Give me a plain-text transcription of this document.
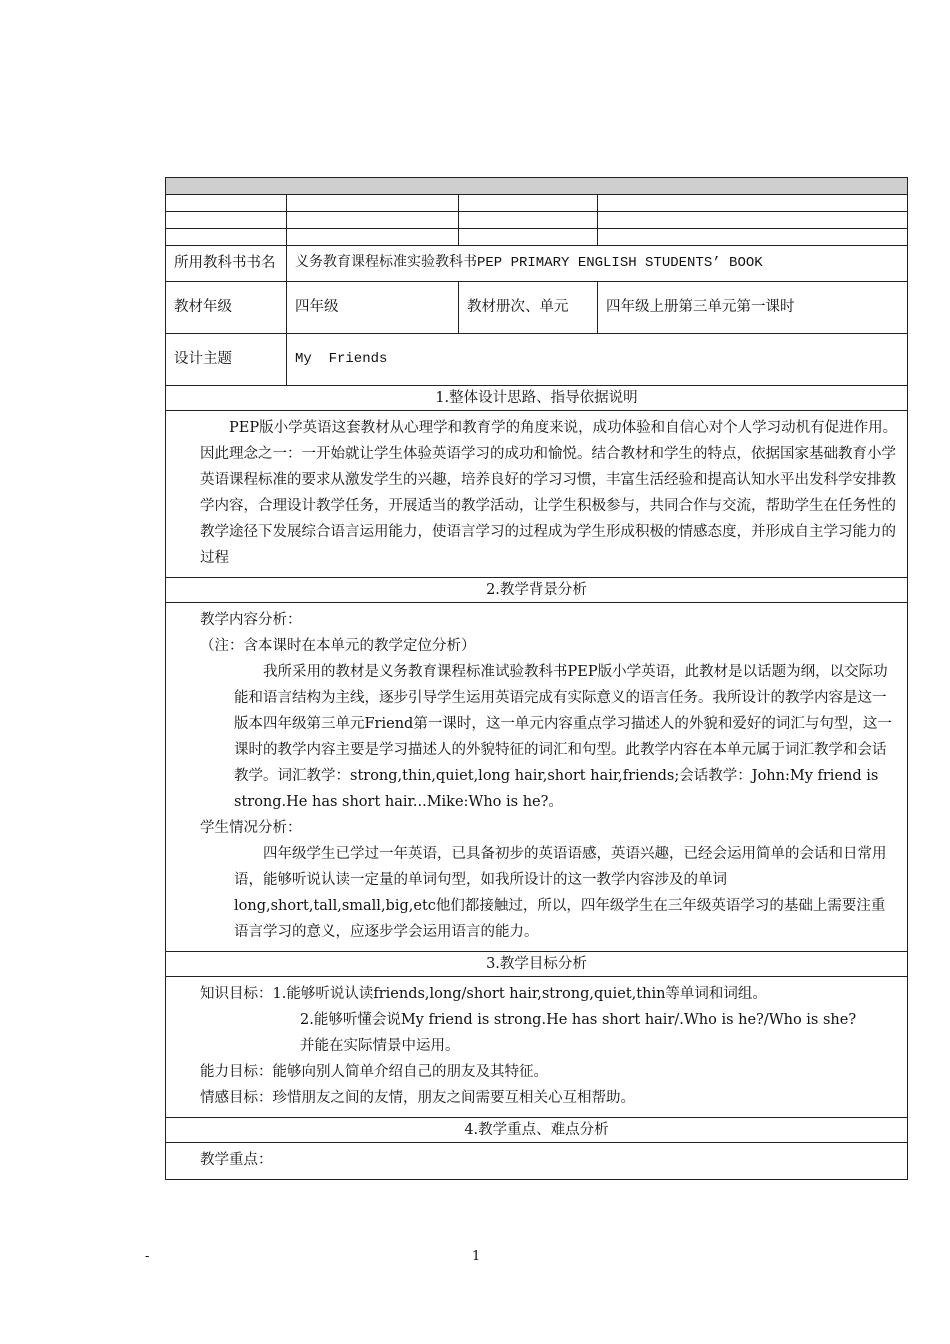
所用教科书书名	义务教育课程标准实验教科书PEP PRIMARY ENGLISH STUDENTS’ BOOK		
教材年级	四年级	教材册次、单元	四年级上册第三单元第一课时
设计主题	My  Friends		
1.整体设计思路、指导依据说明			

PEP版小学英语这套教材从心理学和教育学的角度来说，成功体验和自信心对个人学习动机有促进作用。因此理念之一：一开始就让学生体验英语学习的成功和愉悦。结合教材和学生的特点，依据国家基础教育小学英语课程标准的要求从激发学生的兴趣，培养良好的学习习惯，丰富生活经验和提高认知水平出发科学安排教学内容，合理设计教学任务，开展适当的教学活动，让学生积极参与，共同合作与交流，帮助学生在任务性的教学途径下发展综合语言运用能力，使语言学习的过程成为学生形成积极的情感态度，并形成自主学习能力的过程			

2.教学背景分析			

教学内容分析：

（注：含本课时在本单元的教学定位分析）

我所采用的教材是义务教育课程标准试验教科书PEP版小学英语，此教材是以话题为纲，以交际功能和语言结构为主线，逐步引导学生运用英语完成有实际意义的语言任务。我所设计的教学内容是这一版本四年级第三单元Friend第一课时，这一单元内容重点学习描述人的外貌和爱好的词汇与句型，这一课时的教学内容主要是学习描述人的外貌特征的词汇和句型。此教学内容在本单元属于词汇教学和会话教学。词汇教学：strong,thin,quiet,long hair,short hair,friends;会话教学：John:My friend is strong.He has short hair...Mike:Who is he?。

学生情况分析：

四年级学生已学过一年英语，已具备初步的英语语感，英语兴趣，已经会运用简单的会话和日常用语，能够听说认读一定量的单词句型，如我所设计的这一教学内容涉及的单词long,short,tall,small,big,etc他们都接触过，所以，四年级学生在三年级英语学习的基础上需要注重语言学习的意义，应逐步学会运用语言的能力。			

3.教学目标分析			

知识目标：1.能够听说认读friends,long/short hair,strong,quiet,thin等单词和词组。

2.能够听懂会说My friend is strong.He has short hair/.Who is he?/Who is she?

并能在实际情景中运用。

能力目标：能够向别人简单介绍自己的朋友及其特征。

情感目标：珍惜朋友之间的友情，朋友之间需要互相关心互相帮助。			

4.教学重点、难点分析			

教学重点：			

-	1
